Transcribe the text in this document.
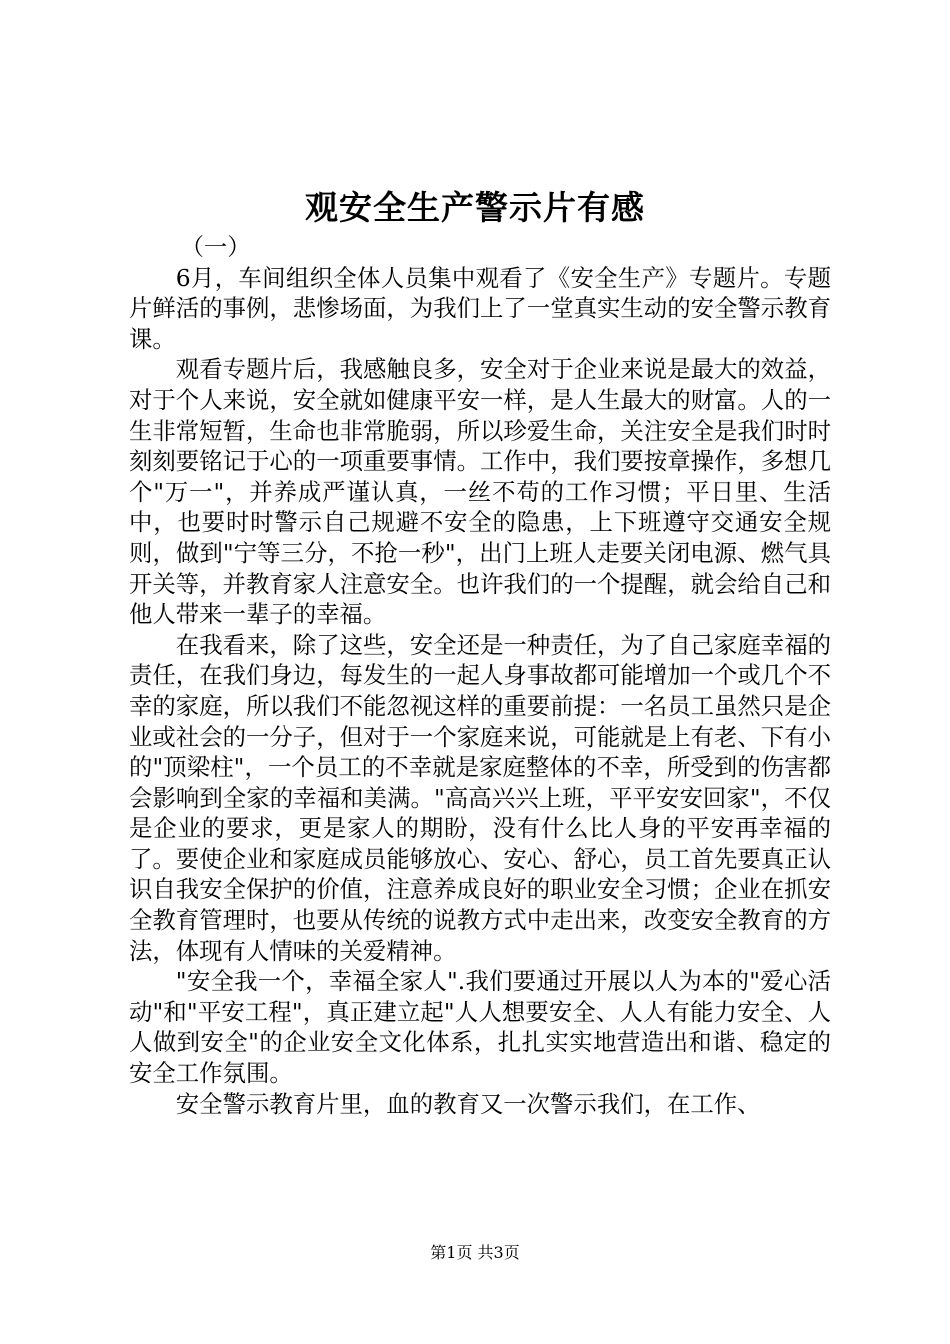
观安全生产警示片有感

（一）

6月，车间组织全体人员集中观看了《安全生产》专题片。专题片鲜活的事例，悲惨场面，为我们上了一堂真实生动的安全警示教育课。

观看专题片后，我感触良多，安全对于企业来说是最大的效益，对于个人来说，安全就如健康平安一样，是人生最大的财富。人的一生非常短暂，生命也非常脆弱，所以珍爱生命，关注安全是我们时时刻刻要铭记于心的一项重要事情。工作中，我们要按章操作，多想几个"万一"，并养成严谨认真，一丝不苟的工作习惯；平日里、生活中，也要时时警示自己规避不安全的隐患，上下班遵守交通安全规则，做到"宁等三分，不抢一秒"，出门上班人走要关闭电源、燃气具开关等，并教育家人注意安全。也许我们的一个提醒，就会给自己和他人带来一辈子的幸福。

在我看来，除了这些，安全还是一种责任，为了自己家庭幸福的责任，在我们身边，每发生的一起人身事故都可能增加一个或几个不幸的家庭，所以我们不能忽视这样的重要前提：一名员工虽然只是企业或社会的一分子，但对于一个家庭来说，可能就是上有老、下有小的"顶梁柱"，一个员工的不幸就是家庭整体的不幸，所受到的伤害都会影响到全家的幸福和美满。"高高兴兴上班，平平安安回家"，不仅是企业的要求，更是家人的期盼，没有什么比人身的平安再幸福的了。要使企业和家庭成员能够放心、安心、舒心，员工首先要真正认识自我安全保护的价值，注意养成良好的职业安全习惯；企业在抓安全教育管理时，也要从传统的说教方式中走出来，改变安全教育的方法，体现有人情味的关爱精神。

"安全我一个，幸福全家人".我们要通过开展以人为本的"爱心活动"和"平安工程"，真正建立起"人人想要安全、人人有能力安全、人人做到安全"的企业安全文化体系，扎扎实实地营造出和谐、稳定的安全工作氛围。

安全警示教育片里，血的教育又一次警示我们，在工作、

第1页 共3页
